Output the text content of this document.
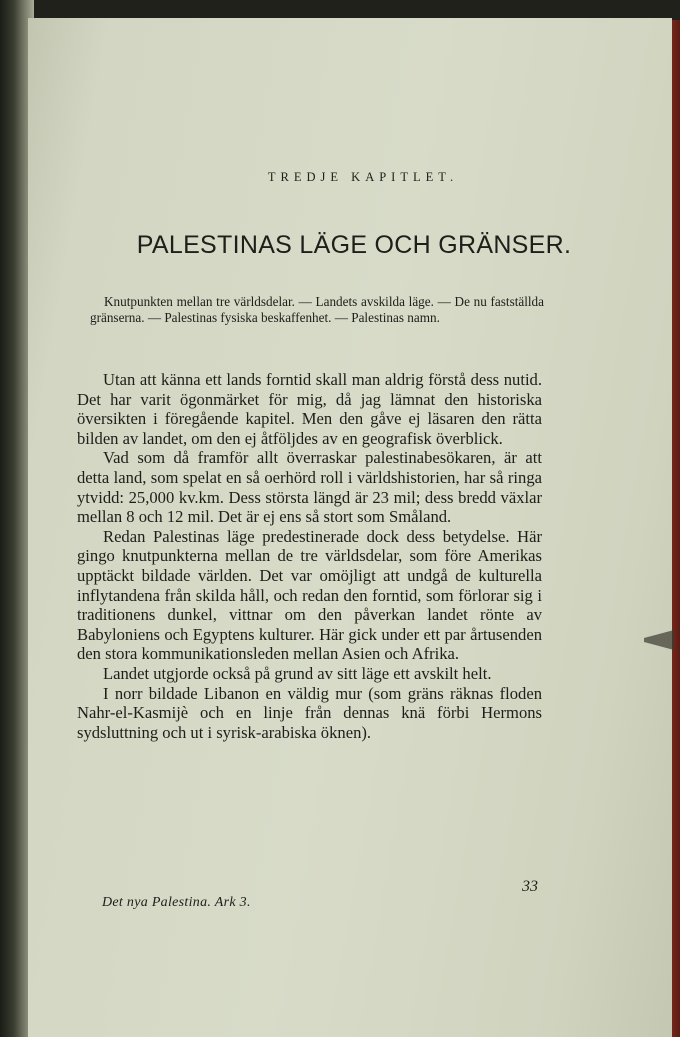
TREDJE KAPITLET.
PALESTINAS LÄGE OCH GRÄNSER.
Knutpunkten mellan tre världsdelar. — Landets avskilda läge. — De nu fastställda gränserna. — Palestinas fysiska beskaffenhet. — Palestinas namn.

Utan att känna ett lands forntid skall man aldrig förstå dess nutid. Det har varit ögonmärket för mig, då jag lämnat den historiska översikten i föregående kapitel. Men den gåve ej läsaren den rätta bilden av landet, om den ej åtföljdes av en geografisk överblick.

Vad som då framför allt överraskar palestinabesökaren, är att detta land, som spelat en så oerhörd roll i världshistorien, har så ringa ytvidd: 25,000 kv.km. Dess största längd är 23 mil; dess bredd växlar mellan 8 och 12 mil. Det är ej ens så stort som Småland.

Redan Palestinas läge predestinerade dock dess betydelse. Här gingo knutpunkterna mellan de tre världsdelar, som före Amerikas upptäckt bildade världen. Det var omöjligt att undgå de kulturella inflytandena från skilda håll, och redan den forntid, som förlorar sig i traditionens dunkel, vittnar om den påverkan landet rönte av Babyloniens och Egyptens kulturer. Här gick under ett par årtusenden den stora kommunikationsleden mellan Asien och Afrika.

Landet utgjorde också på grund av sitt läge ett avskilt helt.

I norr bildade Libanon en väldig mur (som gräns räknas floden Nahr-el-Kasmijè och en linje från dennas knä förbi Hermons sydsluttning och ut i syrisk-arabiska öknen).

33
Det nya Palestina. Ark 3.
